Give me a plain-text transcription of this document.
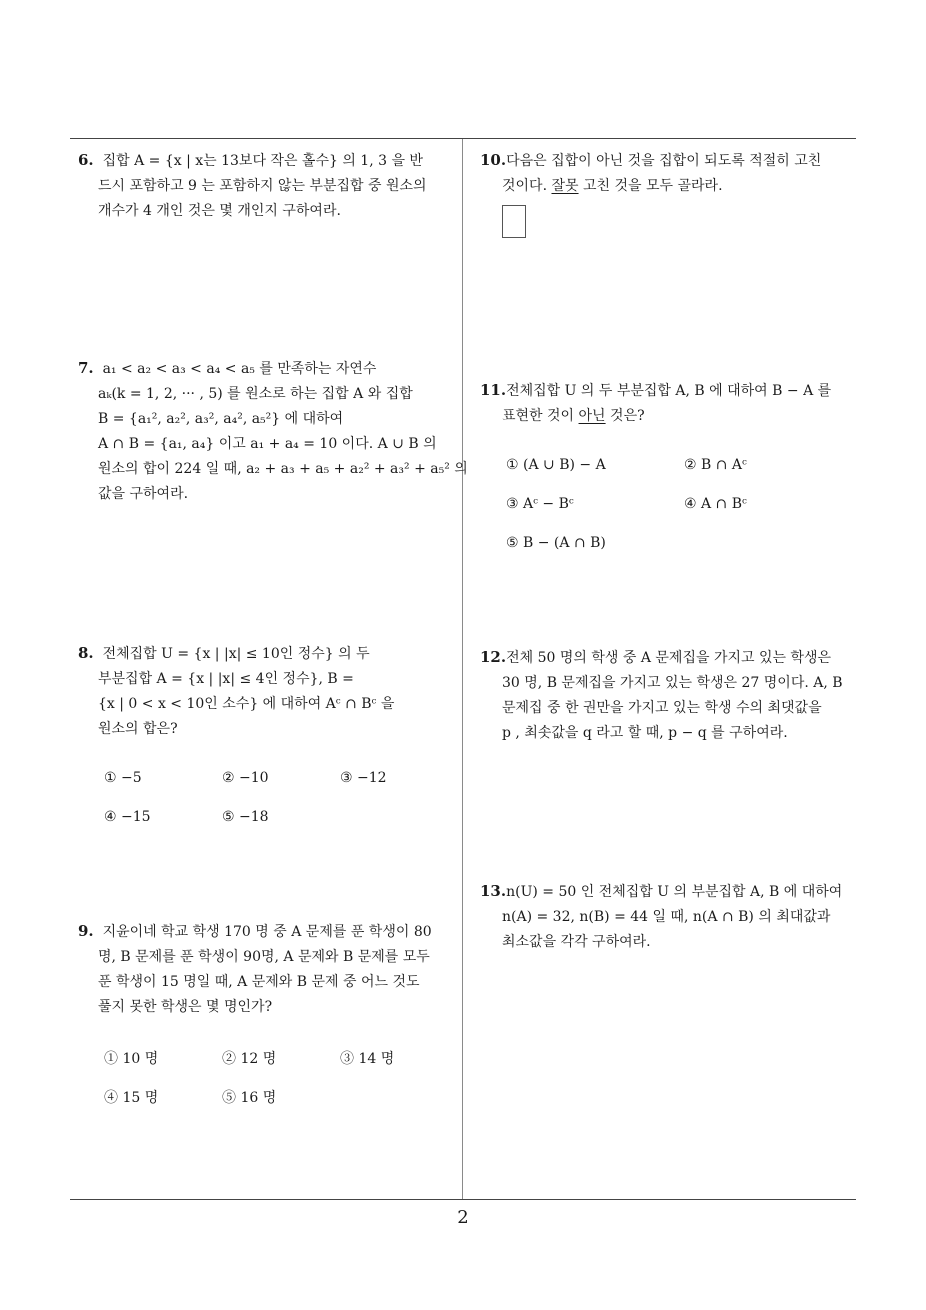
6. 집합 A = {x | x는 13보다 작은 홀수} 의 1, 3 을 반
드시 포함하고 9 는 포함하지 않는 부분집합 중 원소의
개수가 4 개인 것은 몇 개인지 구하여라.
7. a₁ < a₂ < a₃ < a₄ < a₅ 를 만족하는 자연수
aₖ(k = 1, 2, ··· , 5) 를 원소로 하는 집합 A 와 집합
B = {a₁², a₂², a₃², a₄², a₅²} 에 대하여
A ∩ B = {a₁, a₄} 이고 a₁ + a₄ = 10 이다. A ∪ B 의
원소의 합이 224 일 때, a₂ + a₃ + a₅ + a₂² + a₃² + a₅² 의
값을 구하여라.
8. 전체집합 U = {x | |x| ≤ 10인 정수} 의 두
부분집합 A = {x | |x| ≤ 4인 정수}, B =
{x | 0 < x < 10인 소수} 에 대하여 Aᶜ ∩ Bᶜ 을
원소의 합은?
① −5	② −10	③ −12
④ −15	⑤ −18
9. 지윤이네 학교 학생 170 명 중 A 문제를 푼 학생이 80
명, B 문제를 푼 학생이 90명, A 문제와 B 문제를 모두
푼 학생이 15 명일 때, A 문제와 B 문제 중 어느 것도
풀지 못한 학생은 몇 명인가?
① 10 명	② 12 명	③ 14 명
④ 15 명	⑤ 16 명
10.다음은 집합이 아닌 것을 집합이 되도록 적절히 고친
것이다. 잘못 고친 것을 모두 골라라.
11.전체집합 U 의 두 부분집합 A, B 에 대하여 B − A 를
표현한 것이 아닌 것은?
① (A ∪ B) − A	② B ∩ Aᶜ
③ Aᶜ − Bᶜ	④ A ∩ Bᶜ
⑤ B − (A ∩ B)
12.전체 50 명의 학생 중 A 문제집을 가지고 있는 학생은
30 명, B 문제집을 가지고 있는 학생은 27 명이다. A, B
문제집 중 한 권만을 가지고 있는 학생 수의 최댓값을
p , 최솟값을 q 라고 할 때, p − q 를 구하여라.
13.n(U) = 50 인 전체집합 U 의 부분집합 A, B 에 대하여
n(A) = 32, n(B) = 44 일 때, n(A ∩ B) 의 최대값과
최소값을 각각 구하여라.
2
